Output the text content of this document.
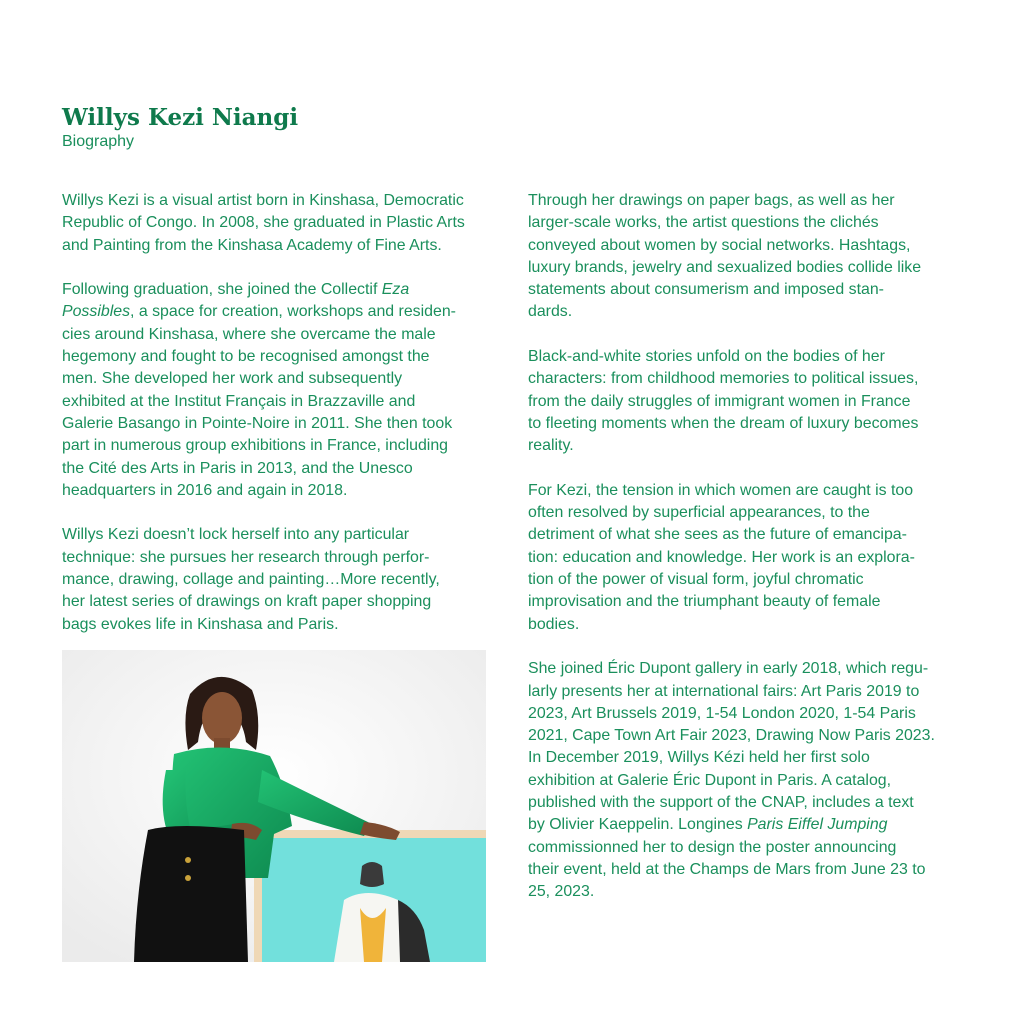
Willys Kezi Niangi
Biography

Willys Kezi is a visual artist born in Kinshasa, Democratic
Republic of Congo. In 2008, she graduated in Plastic Arts
and Painting from the Kinshasa Academy of Fine Arts.

Following graduation, she joined the Collectif Eza
Possibles, a space for creation, workshops and residen-
cies around Kinshasa, where she overcame the male
hegemony and fought to be recognised amongst the
men. She developed her work and subsequently
exhibited at the Institut Français in Brazzaville and
Galerie Basango in Pointe-Noire in 2011. She then took
part in numerous group exhibitions in France, including
the Cité des Arts in Paris in 2013, and the Unesco
headquarters in 2016 and again in 2018.

Willys Kezi doesn’t lock herself into any particular
technique: she pursues her research through perfor-
mance, drawing, collage and painting…More recently,
her latest series of drawings on kraft paper shopping
bags evokes life in Kinshasa and Paris.

Through her drawings on paper bags, as well as her
larger-scale works, the artist questions the clichés
conveyed about women by social networks. Hashtags,
luxury brands, jewelry and sexualized bodies collide like
statements about consumerism and imposed stan-
dards.

Black-and-white stories unfold on the bodies of her
characters: from childhood memories to political issues,
from the daily struggles of immigrant women in France
to fleeting moments when the dream of luxury becomes
reality.

For Kezi, the tension in which women are caught is too
often resolved by superficial appearances, to the
detriment of what she sees as the future of emancipa-
tion: education and knowledge. Her work is an explora-
tion of the power of visual form, joyful chromatic
improvisation and the triumphant beauty of female
bodies.

She joined Éric Dupont gallery in early 2018, which regu-
larly presents her at international fairs: Art Paris 2019 to
2023, Art Brussels 2019, 1-54 London 2020, 1-54 Paris
2021, Cape Town Art Fair 2023, Drawing Now Paris 2023.
In December 2019, Willys Kézi held her first solo
exhibition at Galerie Éric Dupont in Paris. A catalog,
published with the support of the CNAP, includes a text
by Olivier Kaeppelin. Longines Paris Eiffel Jumping
commissionned her to design the poster announcing
their event, held at the Champs de Mars from June 23 to
25, 2023.
